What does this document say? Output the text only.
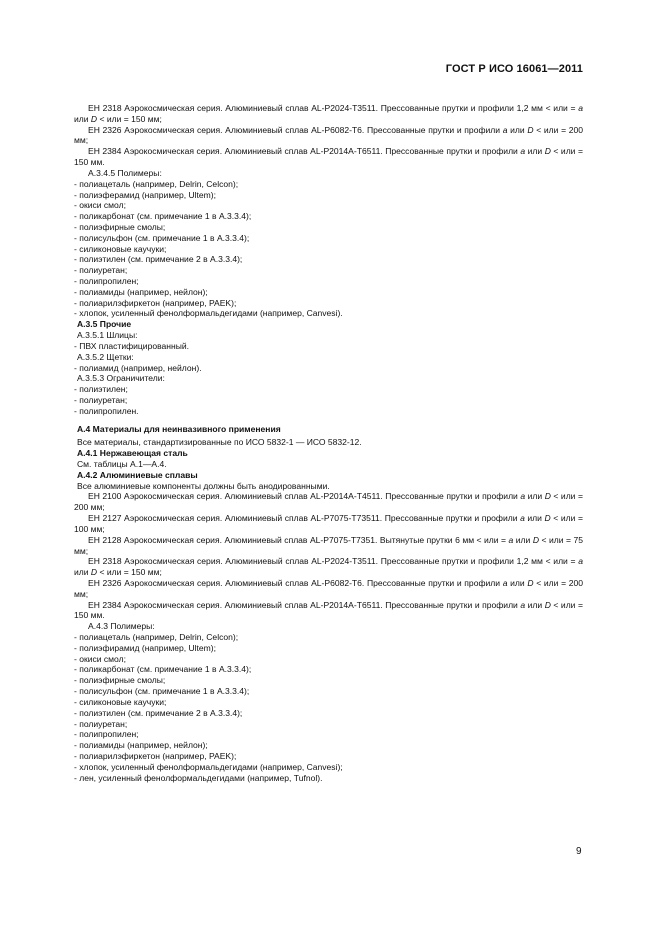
ГОСТ Р ИСО 16061—2011

ЕН 2318 Аэрокосмическая серия. Алюминиевый сплав AL-P2024-T3511. Прессованные прутки и профили 1,2 мм < или = а или D < или = 150 мм;

ЕН 2326 Аэрокосмическая серия. Алюминиевый сплав AL-P6082-T6. Прессованные прутки и профили а или D < или = 200 мм;

ЕН 2384 Аэрокосмическая серия. Алюминиевый сплав AL-P2014A-T6511. Прессованные прутки и профили а или D < или = 150 мм.

А.3.4.5 Полимеры:

- полиацеталь (например, Delrin, Celcon);
- полиэферамид (например, Ultem);
- окиси смол;
- поликарбонат (см. примечание 1 в А.3.3.4);
- полиэфирные смолы;
- полисульфон (см. примечание 1 в А.3.3.4);
- силиконовые каучуки;
- полиэтилен (см. примечание 2 в А.3.3.4);
- полиуретан;
- полипропилен;
- полиамиды (например, нейлон);
- полиарилэфиркетон (например, PAEK);
- хлопок, усиленный фенолформальдегидами (например, Canvesi).

А.3.5 Прочие

А.3.5.1 Шлицы:

- ПВХ пластифицированный.

А.3.5.2 Щетки:

- полиамид (например, нейлон).

А.3.5.3 Ограничители:

- полиэтилен;
- полиуретан;
- полипропилен.

А.4 Материалы для неинвазивного применения

Все материалы, стандартизированные по ИСО 5832-1 — ИСО 5832-12.

А.4.1 Нержавеющая сталь

См. таблицы А.1—А.4.

А.4.2 Алюминиевые сплавы

Все алюминиевые компоненты должны быть анодированными.

ЕН 2100 Аэрокосмическая серия. Алюминиевый сплав AL-P2014A-T4511. Прессованные прутки и профили а или D < или = 200 мм;

ЕН 2127 Аэрокосмическая серия. Алюминиевый сплав AL-P7075-T73511. Прессованные прутки и профили а или D < или = 100 мм;

ЕН 2128 Аэрокосмическая серия. Алюминиевый сплав AL-P7075-T7351. Вытянутые прутки 6 мм < или = а или D < или = 75 мм;

ЕН 2318 Аэрокосмическая серия. Алюминиевый сплав AL-P2024-T3511. Прессованные прутки и профили 1,2 мм < или = а или D < или = 150 мм;

ЕН 2326 Аэрокосмическая серия. Алюминиевый сплав AL-P6082-T6. Прессованные прутки и профили а или D < или = 200 мм;

ЕН 2384 Аэрокосмическая серия. Алюминиевый сплав AL-P2014A-T6511. Прессованные прутки и профили а или D < или = 150 мм.

А.4.3 Полимеры:

- полиацеталь (например, Delrin, Celcon);
- полиэфирамид (например, Ultem);
- окиси смол;
- поликарбонат (см. примечание 1 в А.3.3.4);
- полиэфирные смолы;
- полисульфон (см. примечание 1 в А.3.3.4);
- силиконовые каучуки;
- полиэтилен (см. примечание 2 в А.3.3.4);
- полиуретан;
- полипропилен;
- полиамиды (например, нейлон);
- полиарилэфиркетон (например, PAEK);
- хлопок, усиленный фенолформальдегидами (например, Canvesi);
- лен, усиленный фенолформальдегидами (например, Tufnol).
9
